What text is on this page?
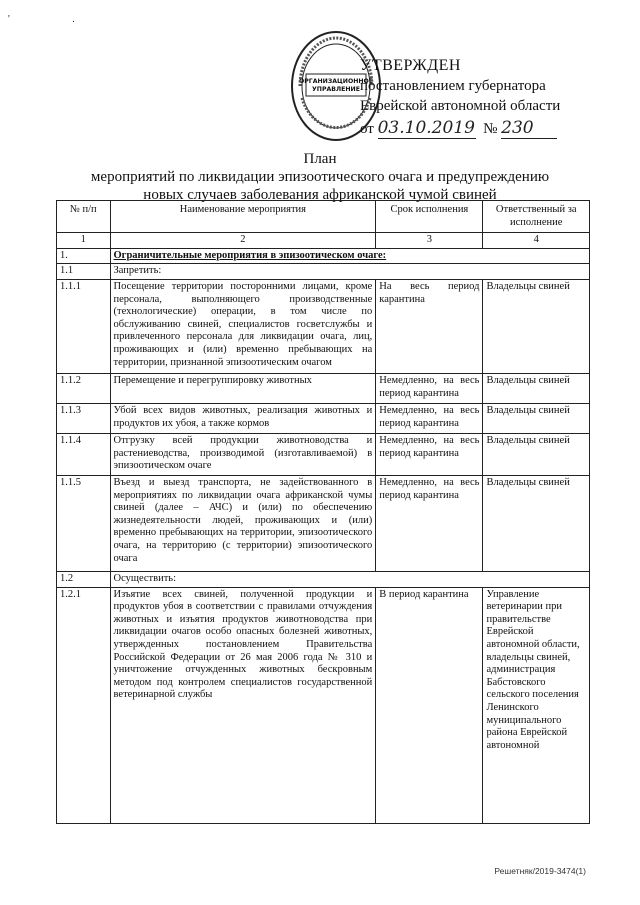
' .
ОРГАНИЗАЦИОННОЕ
УПРАВЛЕНИЕ
УТВЕРЖДЕН
постановлением губернатора
Еврейской автономной области
от 03.10.2019 № 230
План
мероприятий по ликвидации эпизоотического очага и предупреждению
новых случаев заболевания африканской чумой свиней
№ п/п	Наименование мероприятия	Срок исполнения	Ответственный за исполнение
1	2	3	4
1.	Ограничительные мероприятия в эпизоотическом очаге:		
1.1	Запретить:		
1.1.1	Посещение территории посторонними лицами, кроме персонала, выполняющего производственные (технологические) операции, в том числе по обслуживанию свиней, специалистов госветслужбы и привлеченного персонала для ликвидации очага, лиц, проживающих и (или) временно пребывающих на территории, признанной эпизоотическим очагом	На весь период карантина	Владельцы свиней
1.1.2	Перемещение и перегруппировку животных	Немедленно, на весь период карантина	Владельцы свиней
1.1.3	Убой всех видов животных, реализация животных и продуктов их убоя, а также кормов	Немедленно, на весь период карантина	Владельцы свиней
1.1.4	Отгрузку всей продукции животноводства и растениеводства, производимой (изготавливаемой) в эпизоотическом очаге	Немедленно, на весь период карантина	Владельцы свиней
1.1.5	Въезд и выезд транспорта, не задействованного в мероприятиях по ликвидации очага африканской чумы свиней (далее – АЧС) и (или) по обеспечению жизнедеятельности людей, проживающих и (или) временно пребывающих на территории, эпизоотического очага, на территорию (с территории) эпизоотического очага	Немедленно, на весь период карантина	Владельцы свиней
1.2	Осуществить:		
1.2.1	Изъятие всех свиней, полученной продукции и продуктов убоя в соответствии с правилами отчуждения животных и изъятия продуктов животноводства при ликвидации очагов особо опасных болезней животных, утвержденных постановлением Правительства Российской Федерации от 26 мая 2006 года № 310 и уничтожение отчужденных животных бескровным методом под контролем специалистов государственной ветеринарной службы	В период карантина	Управление ветеринарии при правительстве Еврейской автономной области, владельцы свиней, администрация Бабстовского сельского поселения Ленинского муниципального района Еврейской автономной
Решетняк/2019-3474(1)
